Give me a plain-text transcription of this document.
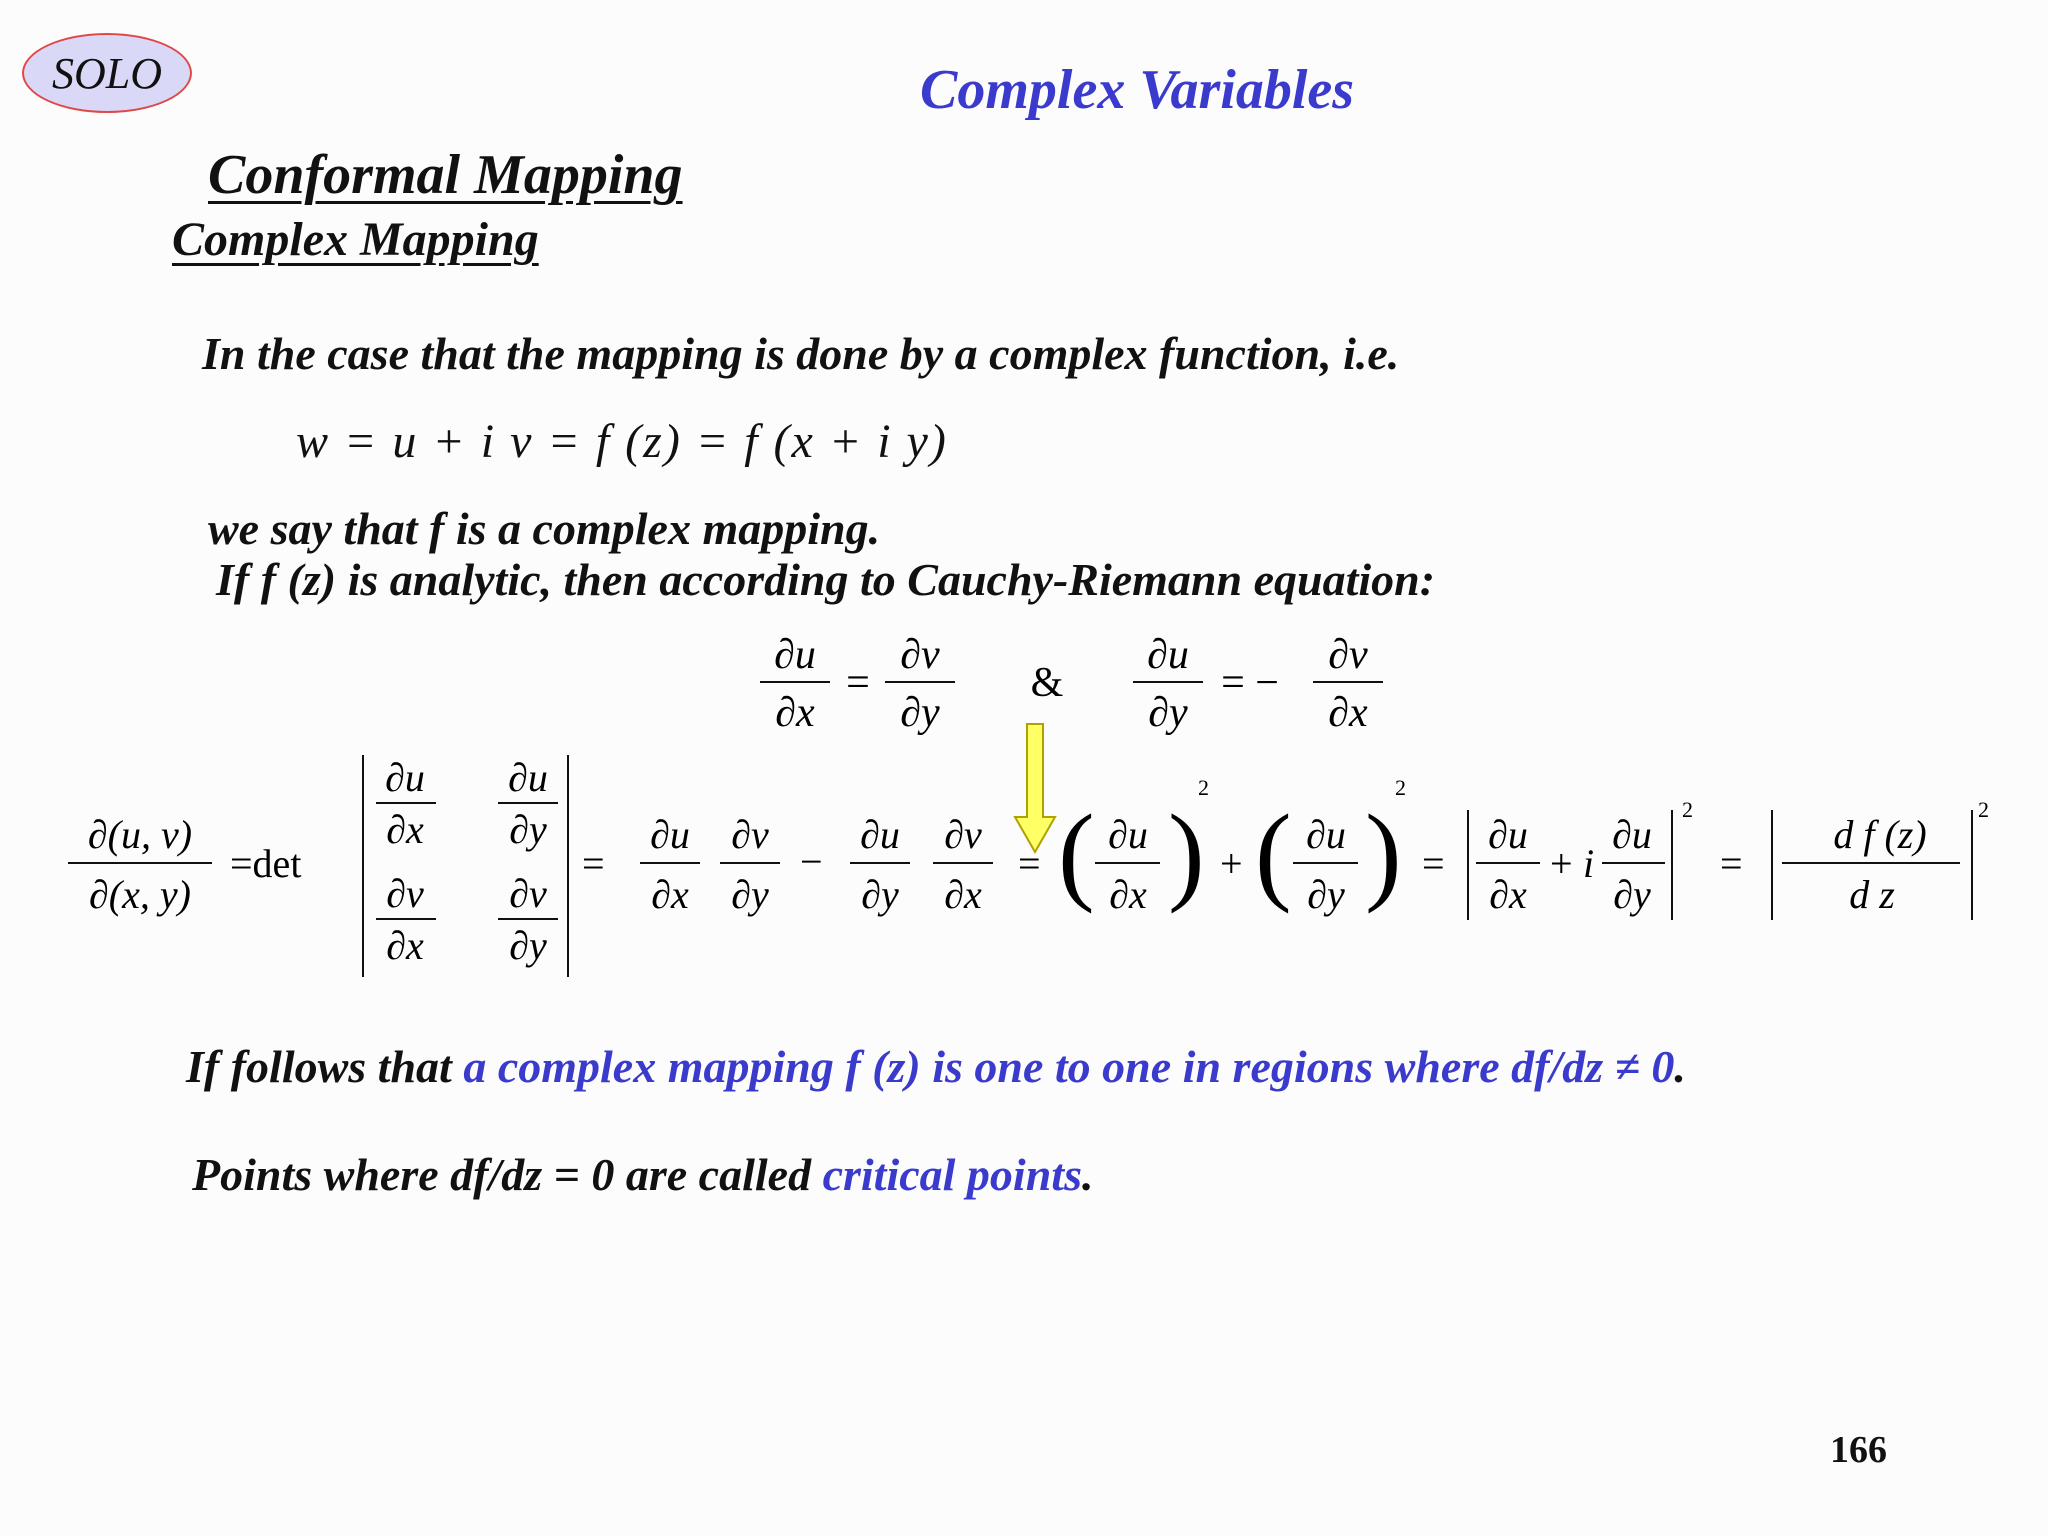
SOLO	Complex Variables
Conformal Mapping
Complex Mapping
In the case that the mapping is done by a complex function, i.e.
w = u + i v = f (z) = f (x + i y)
we say that f is a complex mapping.
If f (z) is analytic, then according to Cauchy-Riemann equation:
∂u
∂x
=
∂v
∂y
&
∂u
∂y
= −
∂v
∂x
∂(u, v)
∂(x, y)
=det
∂u
∂x
∂u
∂y
∂v
∂x
∂v
∂y
=
∂u
∂x
∂v
∂y
−
∂u
∂y
∂v
∂x
= ( ∂u
∂x )
2
+ ( ∂u
∂y )
2
=
∂u
∂x
+ i
∂u
∂y
2
=
d f (z)
d z
2
If follows that a complex mapping f (z) is one to one in regions where df/dz ≠ 0.
Points where df/dz = 0 are called critical points.
166
